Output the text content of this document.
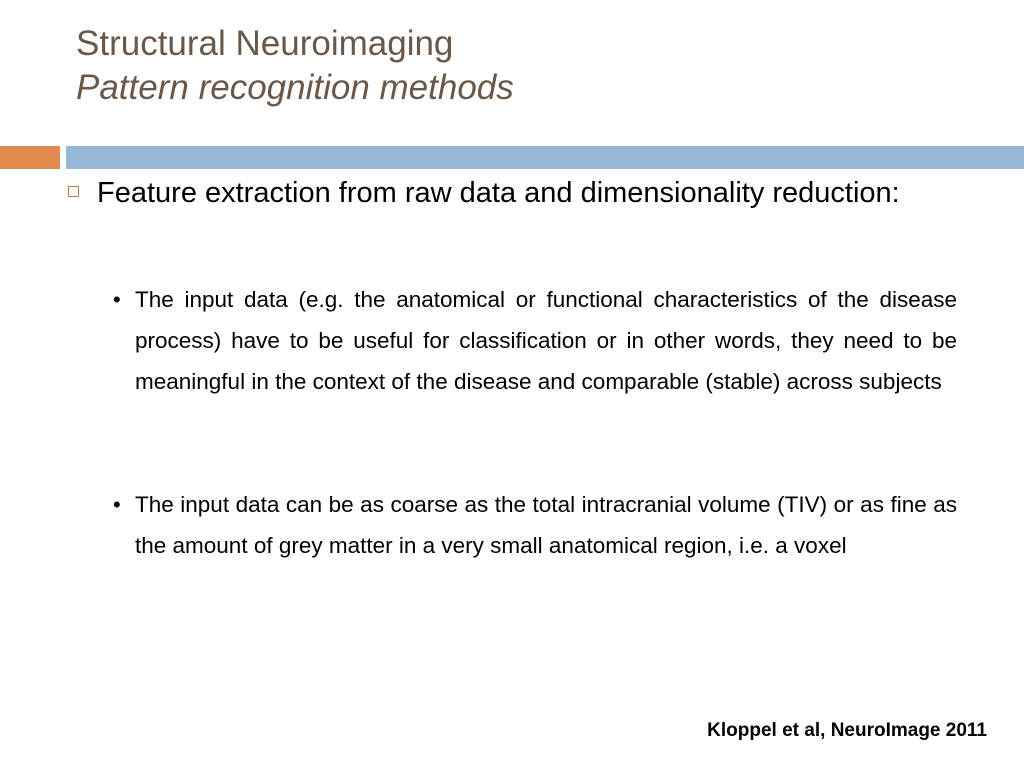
Structural Neuroimaging
Pattern recognition methods
Feature extraction from raw data and dimensionality reduction:
• The input data (e.g. the anatomical or functional characteristics of the disease process) have to be useful for classification or in other words, they need to be meaningful in the context of the disease and comparable (stable) across subjects
• The input data can be as coarse as the total intracranial volume (TIV) or as fine as the amount of grey matter in a very small anatomical region, i.e. a voxel
Kloppel et al, NeuroImage 2011
